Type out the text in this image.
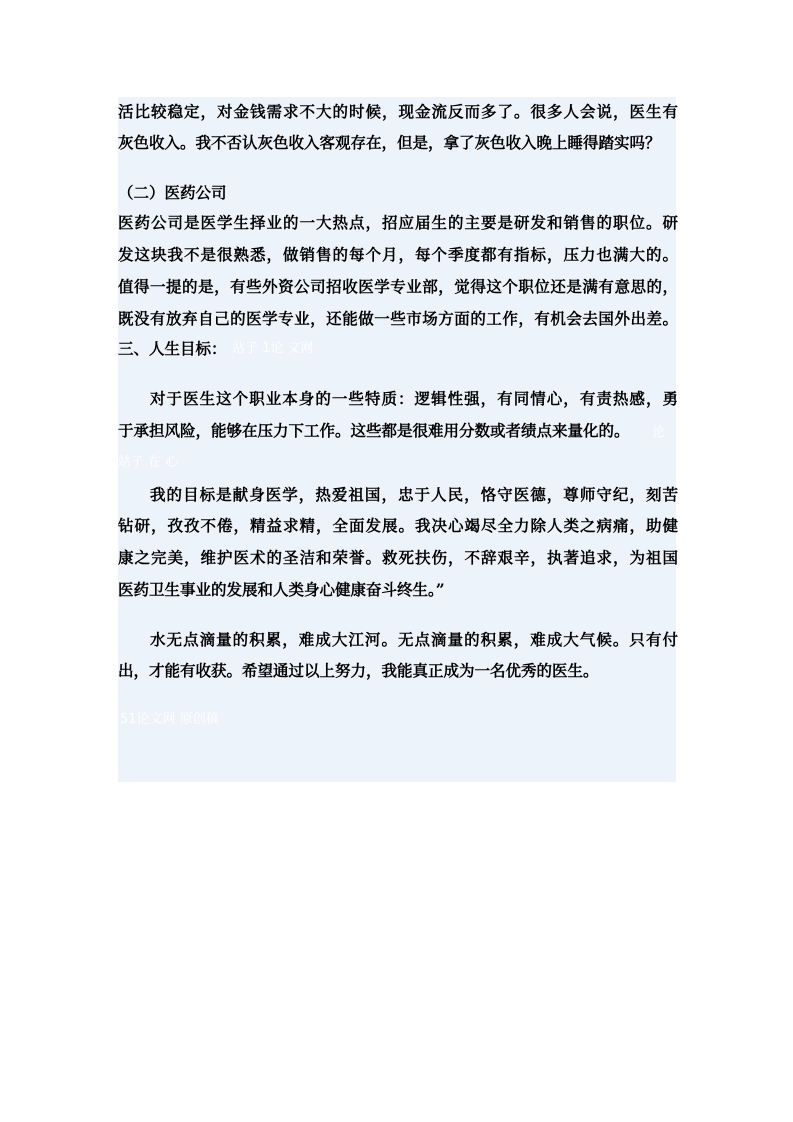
活比较稳定，对金钱需求不大的时候，现金流反而多了。很多人会说，医生有
灰色收入。我不否认灰色收入客观存在，但是，拿了灰色收入晚上睡得踏实吗？
（二）医药公司
医药公司是医学生择业的一大热点，招应届生的主要是研发和销售的职位。研
发这块我不是很熟悉，做销售的每个月，每个季度都有指标，压力也满大的。
值得一提的是，有些外资公司招收医学专业部，觉得这个职位还是满有意思的，
既没有放弃自己的医学专业，还能做一些市场方面的工作，有机会去国外出差。
三、人生目标： 站子 1论 文网
对于医生这个职业本身的一些特质：逻辑性强，有同情心，有责热感，勇
于承担风险，能够在压力下工作。这些都是很难用分数或者绩点来量化的。	论
站子 在 心
我的目标是献身医学，热爱祖国，忠于人民，恪守医德，尊师守纪，刻苦
钻研，孜孜不倦，精益求精，全面发展。我决心竭尽全力除人类之病痛，助健
康之完美，维护医术的圣洁和荣誉。救死扶伤，不辞艰辛，执著追求，为祖国
医药卫生事业的发展和人类身心健康奋斗终生。”
水无点滴量的积累，难成大江河。无点滴量的积累，难成大气候。只有付
出，才能有收获。希望通过以上努力，我能真正成为一名优秀的医生。
51论文网 原创稿
